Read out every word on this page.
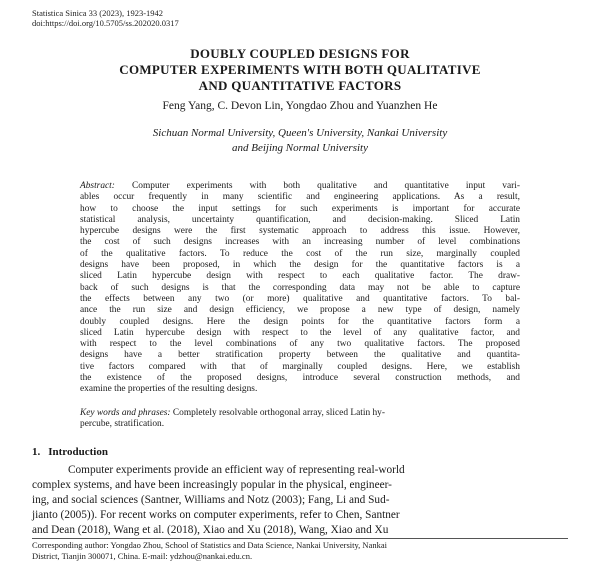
Statistica Sinica 33 (2023), 1923-1942
doi:https://doi.org/10.5705/ss.202020.0317
DOUBLY COUPLED DESIGNS FOR
COMPUTER EXPERIMENTS WITH BOTH QUALITATIVE
AND QUANTITATIVE FACTORS
Feng Yang, C. Devon Lin, Yongdao Zhou and Yuanzhen He
Sichuan Normal University, Queen's University, Nankai University
and Beijing Normal University
Abstract: Computer experiments with both qualitative and quantitative input vari-
ables occur frequently in many scientific and engineering applications. As a result,
how to choose the input settings for such experiments is important for accurate
statistical analysis, uncertainty quantification, and decision-making. Sliced Latin
hypercube designs were the first systematic approach to address this issue. However,
the cost of such designs increases with an increasing number of level combinations
of the qualitative factors. To reduce the cost of the run size, marginally coupled
designs have been proposed, in which the design for the quantitative factors is a
sliced Latin hypercube design with respect to each qualitative factor. The draw-
back of such designs is that the corresponding data may not be able to capture
the effects between any two (or more) qualitative and quantitative factors. To bal-
ance the run size and design efficiency, we propose a new type of design, namely
doubly coupled designs. Here the design points for the quantitative factors form a
sliced Latin hypercube design with respect to the level of any qualitative factor, and
with respect to the level combinations of any two qualitative factors. The proposed
designs have a better stratification property between the qualitative and quantita-
tive factors compared with that of marginally coupled designs. Here, we establish
the existence of the proposed designs, introduce several construction methods, and
examine the properties of the resulting designs.
Key words and phrases: Completely resolvable orthogonal array, sliced Latin hy-
percube, stratification.
1. Introduction
Computer experiments provide an efficient way of representing real-world
complex systems, and have been increasingly popular in the physical, engineer-
ing, and social sciences (Santner, Williams and Notz (2003); Fang, Li and Sud-
jianto (2005)). For recent works on computer experiments, refer to Chen, Santner
and Dean (2018), Wang et al. (2018), Xiao and Xu (2018), Wang, Xiao and Xu
Corresponding author: Yongdao Zhou, School of Statistics and Data Science, Nankai University, Nankai
District, Tianjin 300071, China. E-mail: ydzhou@nankai.edu.cn.
